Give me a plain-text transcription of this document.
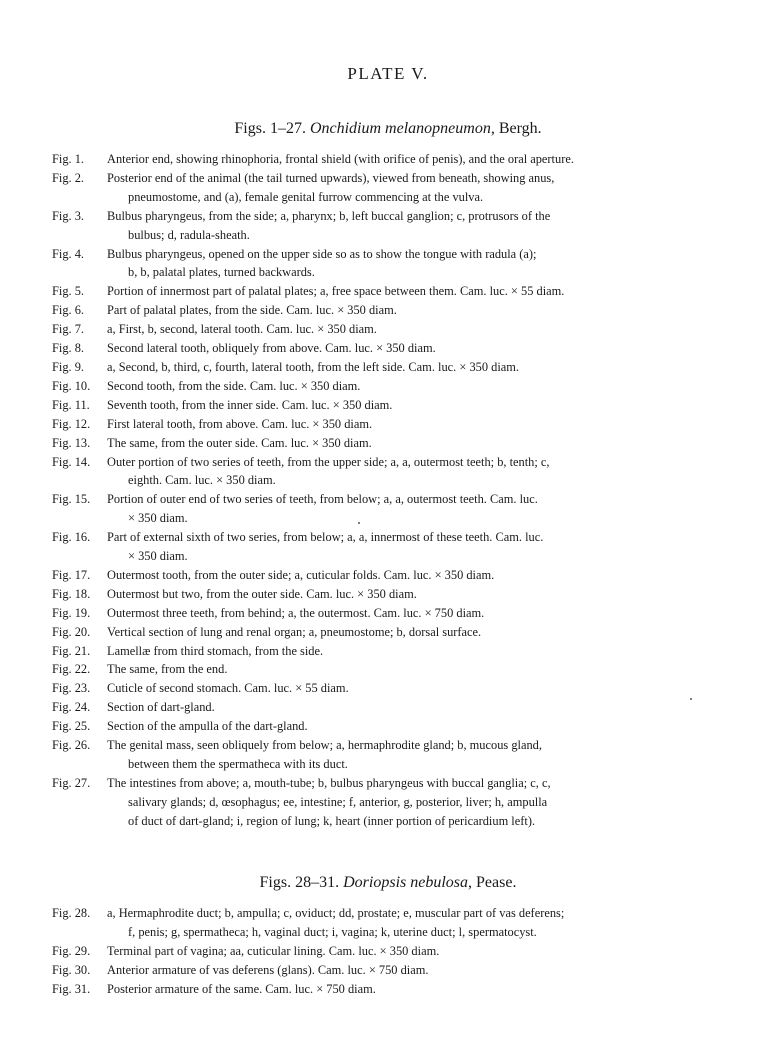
PLATE V.
Figs. 1–27. Onchidium melanopneumon, Bergh.
Fig. 1.	Anterior end, showing rhinophoria, frontal shield (with orifice of penis), and the oral aperture.
Fig. 2.	Posterior end of the animal (the tail turned upwards), viewed from beneath, showing anus,
pneumostome, and (a), female genital furrow commencing at the vulva.
Fig. 3.	Bulbus pharyngeus, from the side; a, pharynx; b, left buccal ganglion; c, protrusors of the
bulbus; d, radula-sheath.
Fig. 4.	Bulbus pharyngeus, opened on the upper side so as to show the tongue with radula (a);
b, b, palatal plates, turned backwards.
Fig. 5.	Portion of innermost part of palatal plates; a, free space between them. Cam. luc. × 55 diam.
Fig. 6.	Part of palatal plates, from the side. Cam. luc. × 350 diam.
Fig. 7.	a, First, b, second, lateral tooth. Cam. luc. × 350 diam.
Fig. 8.	Second lateral tooth, obliquely from above. Cam. luc. × 350 diam.
Fig. 9.	a, Second, b, third, c, fourth, lateral tooth, from the left side. Cam. luc. × 350 diam.
Fig. 10.	Second tooth, from the side. Cam. luc. × 350 diam.
Fig. 11.	Seventh tooth, from the inner side. Cam. luc. × 350 diam.
Fig. 12.	First lateral tooth, from above. Cam. luc. × 350 diam.
Fig. 13.	The same, from the outer side. Cam. luc. × 350 diam.
Fig. 14.	Outer portion of two series of teeth, from the upper side; a, a, outermost teeth; b, tenth; c,
eighth. Cam. luc. × 350 diam.
Fig. 15.	Portion of outer end of two series of teeth, from below; a, a, outermost teeth. Cam. luc.
× 350 diam.
Fig. 16.	Part of external sixth of two series, from below; a, a, innermost of these teeth. Cam. luc.
× 350 diam.
Fig. 17.	Outermost tooth, from the outer side; a, cuticular folds. Cam. luc. × 350 diam.
Fig. 18.	Outermost but two, from the outer side. Cam. luc. × 350 diam.
Fig. 19.	Outermost three teeth, from behind; a, the outermost. Cam. luc. × 750 diam.
Fig. 20.	Vertical section of lung and renal organ; a, pneumostome; b, dorsal surface.
Fig. 21.	Lamellæ from third stomach, from the side.
Fig. 22.	The same, from the end.
Fig. 23.	Cuticle of second stomach. Cam. luc. × 55 diam.
Fig. 24.	Section of dart-gland.
Fig. 25.	Section of the ampulla of the dart-gland.
Fig. 26.	The genital mass, seen obliquely from below; a, hermaphrodite gland; b, mucous gland,
between them the spermatheca with its duct.
Fig. 27.	The intestines from above; a, mouth-tube; b, bulbus pharyngeus with buccal ganglia; c, c,
salivary glands; d, œsophagus; ee, intestine; f, anterior, g, posterior, liver; h, ampulla
of duct of dart-gland; i, region of lung; k, heart (inner portion of pericardium left).
Figs. 28–31. Doriopsis nebulosa, Pease.
Fig. 28.	a, Hermaphrodite duct; b, ampulla; c, oviduct; dd, prostate; e, muscular part of vas deferens;
f, penis; g, spermatheca; h, vaginal duct; i, vagina; k, uterine duct; l, spermatocyst.
Fig. 29.	Terminal part of vagina; aa, cuticular lining. Cam. luc. × 350 diam.
Fig. 30.	Anterior armature of vas deferens (glans). Cam. luc. × 750 diam.
Fig. 31.	Posterior armature of the same. Cam. luc. × 750 diam.
